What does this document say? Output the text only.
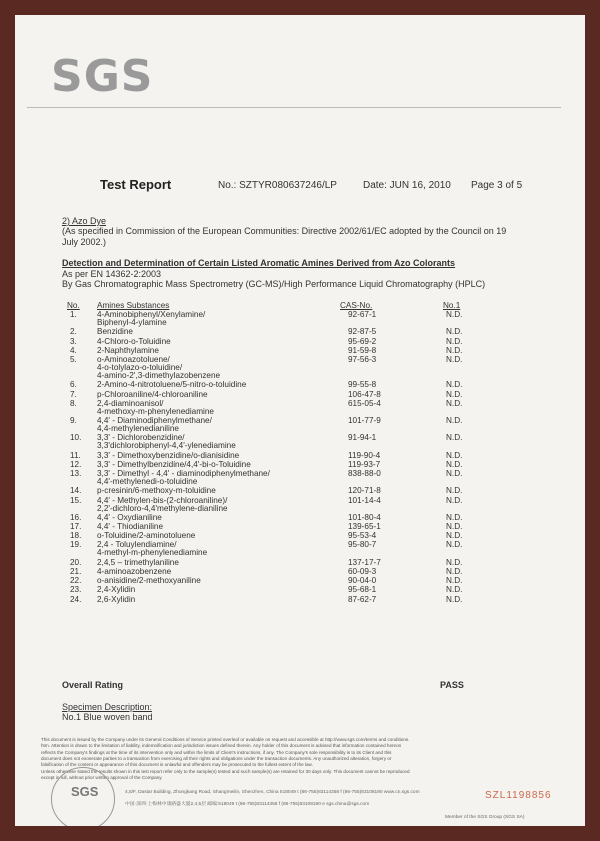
SGS
Test Report	No.: SZTYR080637246/LP	Date: JUN 16, 2010 Page 3 of 5
2) Azo Dye
(As specified in Commission of the European Communities: Directive 2002/61/EC adopted by the Council on 19
July 2002.)
Detection and Determination of Certain Listed Aromatic Amines Derived from Azo Colorants
As per EN 14362-2:2003
By Gas Chromatographic Mass Spectrometry (GC-MS)/High Performance Liquid Chromatography (HPLC)
No. Amines Substances	CAS-No.	No.1
1. 4-Aminobiphenyl/Xenylamine/
Biphenyl-4-ylamine
92-67-1	N.D.
2. Benzidine	92-87-5	N.D.
3. 4-Chloro-o-Toluidine	95-69-2	N.D.
4. 2-Naphthylamine	91-59-8	N.D.
5. o-Aminoazotoluene/
4-o-tolylazo-o-toluidine/
4-amino-2',3-dimethylazobenzene
97-56-3	N.D.
6. 2-Amino-4-nitrotoluene/5-nitro-o-toluidine	99-55-8	N.D.
7. p-Chloroaniline/4-chloroaniline	106-47-8	N.D.
8. 2,4-diaminoanisol/
4-methoxy-m-phenylenediamine
615-05-4	N.D.
9. 4,4' - Diaminodiphenylmethane/
4,4-methylenedianiline
101-77-9	N.D.
10. 3,3' - Dichlorobenzidine/
3,3'dichlorobiphenyl-4,4'-ylenediamine
91-94-1	N.D.
11. 3,3' - Dimethoxybenzidine/o-dianisidine	119-90-4	N.D.
12. 3,3' - Dimethylbenzidine/4,4'-bi-o-Toluidine	119-93-7	N.D.
13. 3,3' - Dimethyl - 4,4' - diaminodiphenylmethane/
4,4'-methylenedi-o-toluidine
838-88-0	N.D.
14. p-cresinin/6-methoxy-m-toluidine	120-71-8	N.D.
15. 4,4' - Methylen-bis-(2-chloroaniline)/
2,2'-dichloro-4,4'methylene-dianiline
101-14-4	N.D.
16. 4,4' - Oxydianiline	101-80-4	N.D.
17. 4,4' - Thiodianiline	139-65-1	N.D.
18. o-Toluidine/2-aminotoluene	95-53-4	N.D.
19. 2,4 - Toluylendiamine/
4-methyl-m-phenylenediamine
95-80-7	N.D.
20. 2,4,5 – trimethylaniline	137-17-7	N.D.
21. 4-aminoazobenzene	60-09-3	N.D.
22. o-anisidine/2-methoxyaniline	90-04-0	N.D.
23. 2,4-Xylidin	95-68-1	N.D.
24. 2,6-Xylidin	87-62-7	N.D.
Overall Rating	PASS
Specimen Description:
No.1 Blue woven band
This document is issued by the Company under its General Conditions of Service printed overleaf or available on request and accessible at http://www.sgs.com/terms and conditions.
htm. Attention is drawn to the limitation of liability, indemnification and jurisdiction issues defined therein. Any holder of this document is advised that information contained hereon
reflects the Company's findings at the time of its intervention only and within the limits of Client's instructions, if any. The Company's sole responsibility is to its Client and this
document does not exonerate parties to a transaction from exercising all their rights and obligations under the transaction documents. Any unauthorized alteration, forgery or
falsification of the content or appearance of this document is unlawful and offenders may be prosecuted to the fullest extent of the law.
Unless otherwise stated the results shown in this test report refer only to the sample(s) tested and such sample(s) are retained for 30 days only. This document cannot be reproduced
except in full, without prior written approval of the Company.
SGS	SZL1198856
4,5/F, Dastar Building, Zhongkang Road, Shangmeilin, Shenzhen, China 518049 t (86-755)83114358 f (86-755)83108190 www.cn.sgs.com
中国·深圳·上梅林中康路盛大厦2,4,5层 邮编:518049 t (86-755)83114358 f (86-755)83108190 e sgs.china@sgs.com
Member of the SGS Group (SGS SA)
